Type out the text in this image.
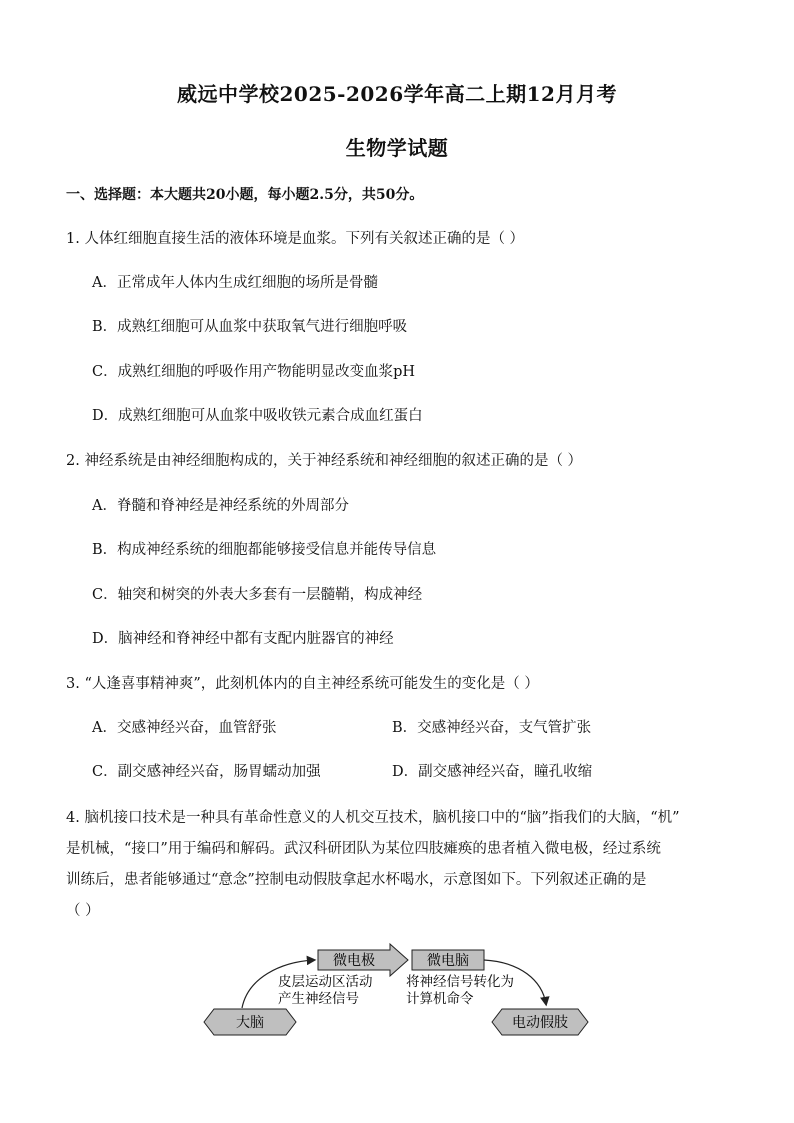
威远中学校2025-2026学年高二上期12月月考
生物学试题
一、选择题：本大题共20小题，每小题2.5分，共50分。
1. 人体红细胞直接生活的液体环境是血浆。下列有关叙述正确的是（ ）
A．正常成年人体内生成红细胞的场所是骨髓
B．成熟红细胞可从血浆中获取氧气进行细胞呼吸
C．成熟红细胞的呼吸作用产物能明显改变血浆pH
D．成熟红细胞可从血浆中吸收铁元素合成血红蛋白
2. 神经系统是由神经细胞构成的，关于神经系统和神经细胞的叙述正确的是（ ）
A．脊髓和脊神经是神经系统的外周部分
B．构成神经系统的细胞都能够接受信息并能传导信息
C．轴突和树突的外表大多套有一层髓鞘，构成神经
D．脑神经和脊神经中都有支配内脏器官的神经
3. “人逢喜事精神爽”，此刻机体内的自主神经系统可能发生的变化是（ ）
A．交感神经兴奋，血管舒张	B．交感神经兴奋，支气管扩张
C．副交感神经兴奋，肠胃蠕动加强	D．副交感神经兴奋，瞳孔收缩
4. 脑机接口技术是一种具有革命性意义的人机交互技术，脑机接口中的“脑”指我们的大脑，“机”
是机械，“接口”用于编码和解码。武汉科研团队为某位四肢瘫痪的患者植入微电极，经过系统
训练后，患者能够通过“意念”控制电动假肢拿起水杯喝水，示意图如下。下列叙述正确的是
（ ）
大脑
微电极	微电脑
电动假肢
皮层运动区活动
产生神经信号
将神经信号转化为
计算机命令
